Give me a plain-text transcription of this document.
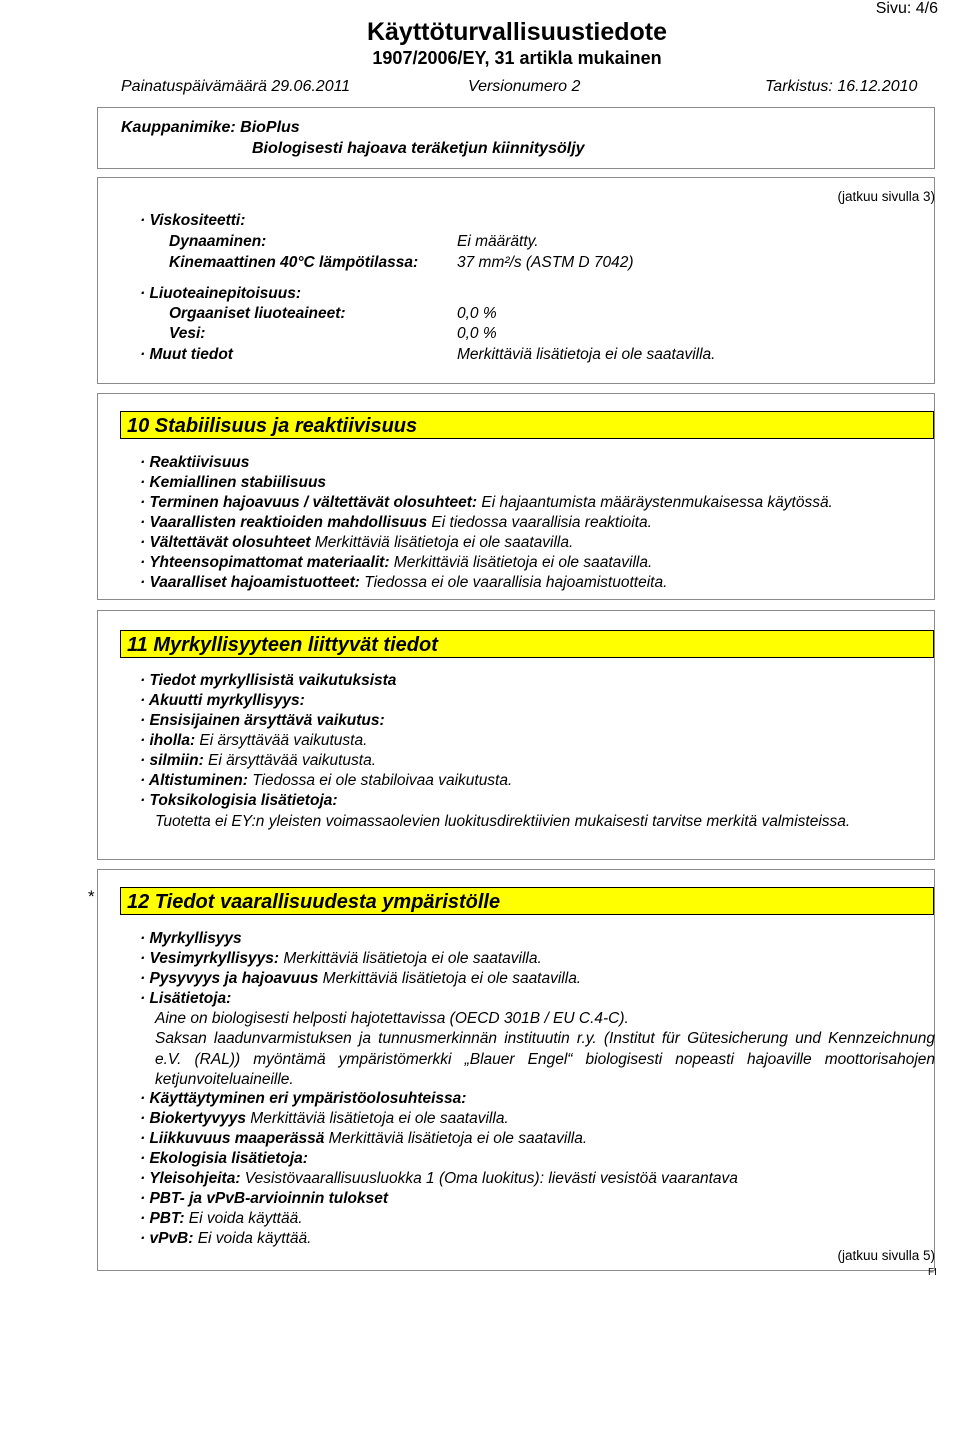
Sivu: 4/6
Käyttöturvallisuustiedote
1907/2006/EY, 31 artikla mukainen
Painatuspäivämäärä 29.06.2011	Versionumero 2	Tarkistus: 16.12.2010
Kauppanimike: BioPlus
Biologisesti hajoava teräketjun kiinnitysöljy
(jatkuu sivulla 3)
· Viskositeetti:
Dynaaminen:	Ei määrätty.
Kinemaattinen 40°C lämpötilassa:	37 mm²/s (ASTM D 7042)
· Liuoteainepitoisuus:
Orgaaniset liuoteaineet:	0,0 %
Vesi:	0,0 %
· Muut tiedot	Merkittäviä lisätietoja ei ole saatavilla.
10 Stabiilisuus ja reaktiivisuus
· Reaktiivisuus
· Kemiallinen stabiilisuus
· Terminen hajoavuus / vältettävät olosuhteet: Ei hajaantumista määräystenmukaisessa käytössä.
· Vaarallisten reaktioiden mahdollisuus Ei tiedossa vaarallisia reaktioita.
· Vältettävät olosuhteet Merkittäviä lisätietoja ei ole saatavilla.
· Yhteensopimattomat materiaalit: Merkittäviä lisätietoja ei ole saatavilla.
· Vaaralliset hajoamistuotteet: Tiedossa ei ole vaarallisia hajoamistuotteita.
11 Myrkyllisyyteen liittyvät tiedot
· Tiedot myrkyllisistä vaikutuksista
· Akuutti myrkyllisyys:
· Ensisijainen ärsyttävä vaikutus:
· iholla: Ei ärsyttävää vaikutusta.
· silmiin: Ei ärsyttävää vaikutusta.
· Altistuminen: Tiedossa ei ole stabiloivaa vaikutusta.
· Toksikologisia lisätietoja:
Tuotetta ei EY:n yleisten voimassaolevien luokitusdirektiivien mukaisesti tarvitse merkitä valmisteissa.
*	12 Tiedot vaarallisuudesta ympäristölle
· Myrkyllisyys
· Vesimyrkyllisyys: Merkittäviä lisätietoja ei ole saatavilla.
· Pysyvyys ja hajoavuus Merkittäviä lisätietoja ei ole saatavilla.
· Lisätietoja:
Aine on biologisesti helposti hajotettavissa (OECD 301B / EU C.4-C).
Saksan laadunvarmistuksen ja tunnusmerkinnän instituutin r.y. (Institut für Gütesicherung und Kennzeichnung e.V. (RAL)) myöntämä ympäristömerkki „Blauer Engel“ biologisesti nopeasti hajoaville moottorisahojen ketjunvoiteluaineille.
· Käyttäytyminen eri ympäristöolosuhteissa:
· Biokertyvyys Merkittäviä lisätietoja ei ole saatavilla.
· Liikkuvuus maaperässä Merkittäviä lisätietoja ei ole saatavilla.
· Ekologisia lisätietoja:
· Yleisohjeita: Vesistövaarallisuusluokka 1 (Oma luokitus): lievästi vesistöä vaarantava
· PBT- ja vPvB-arvioinnin tulokset
· PBT: Ei voida käyttää.
· vPvB: Ei voida käyttää.
(jatkuu sivulla 5)
FI
